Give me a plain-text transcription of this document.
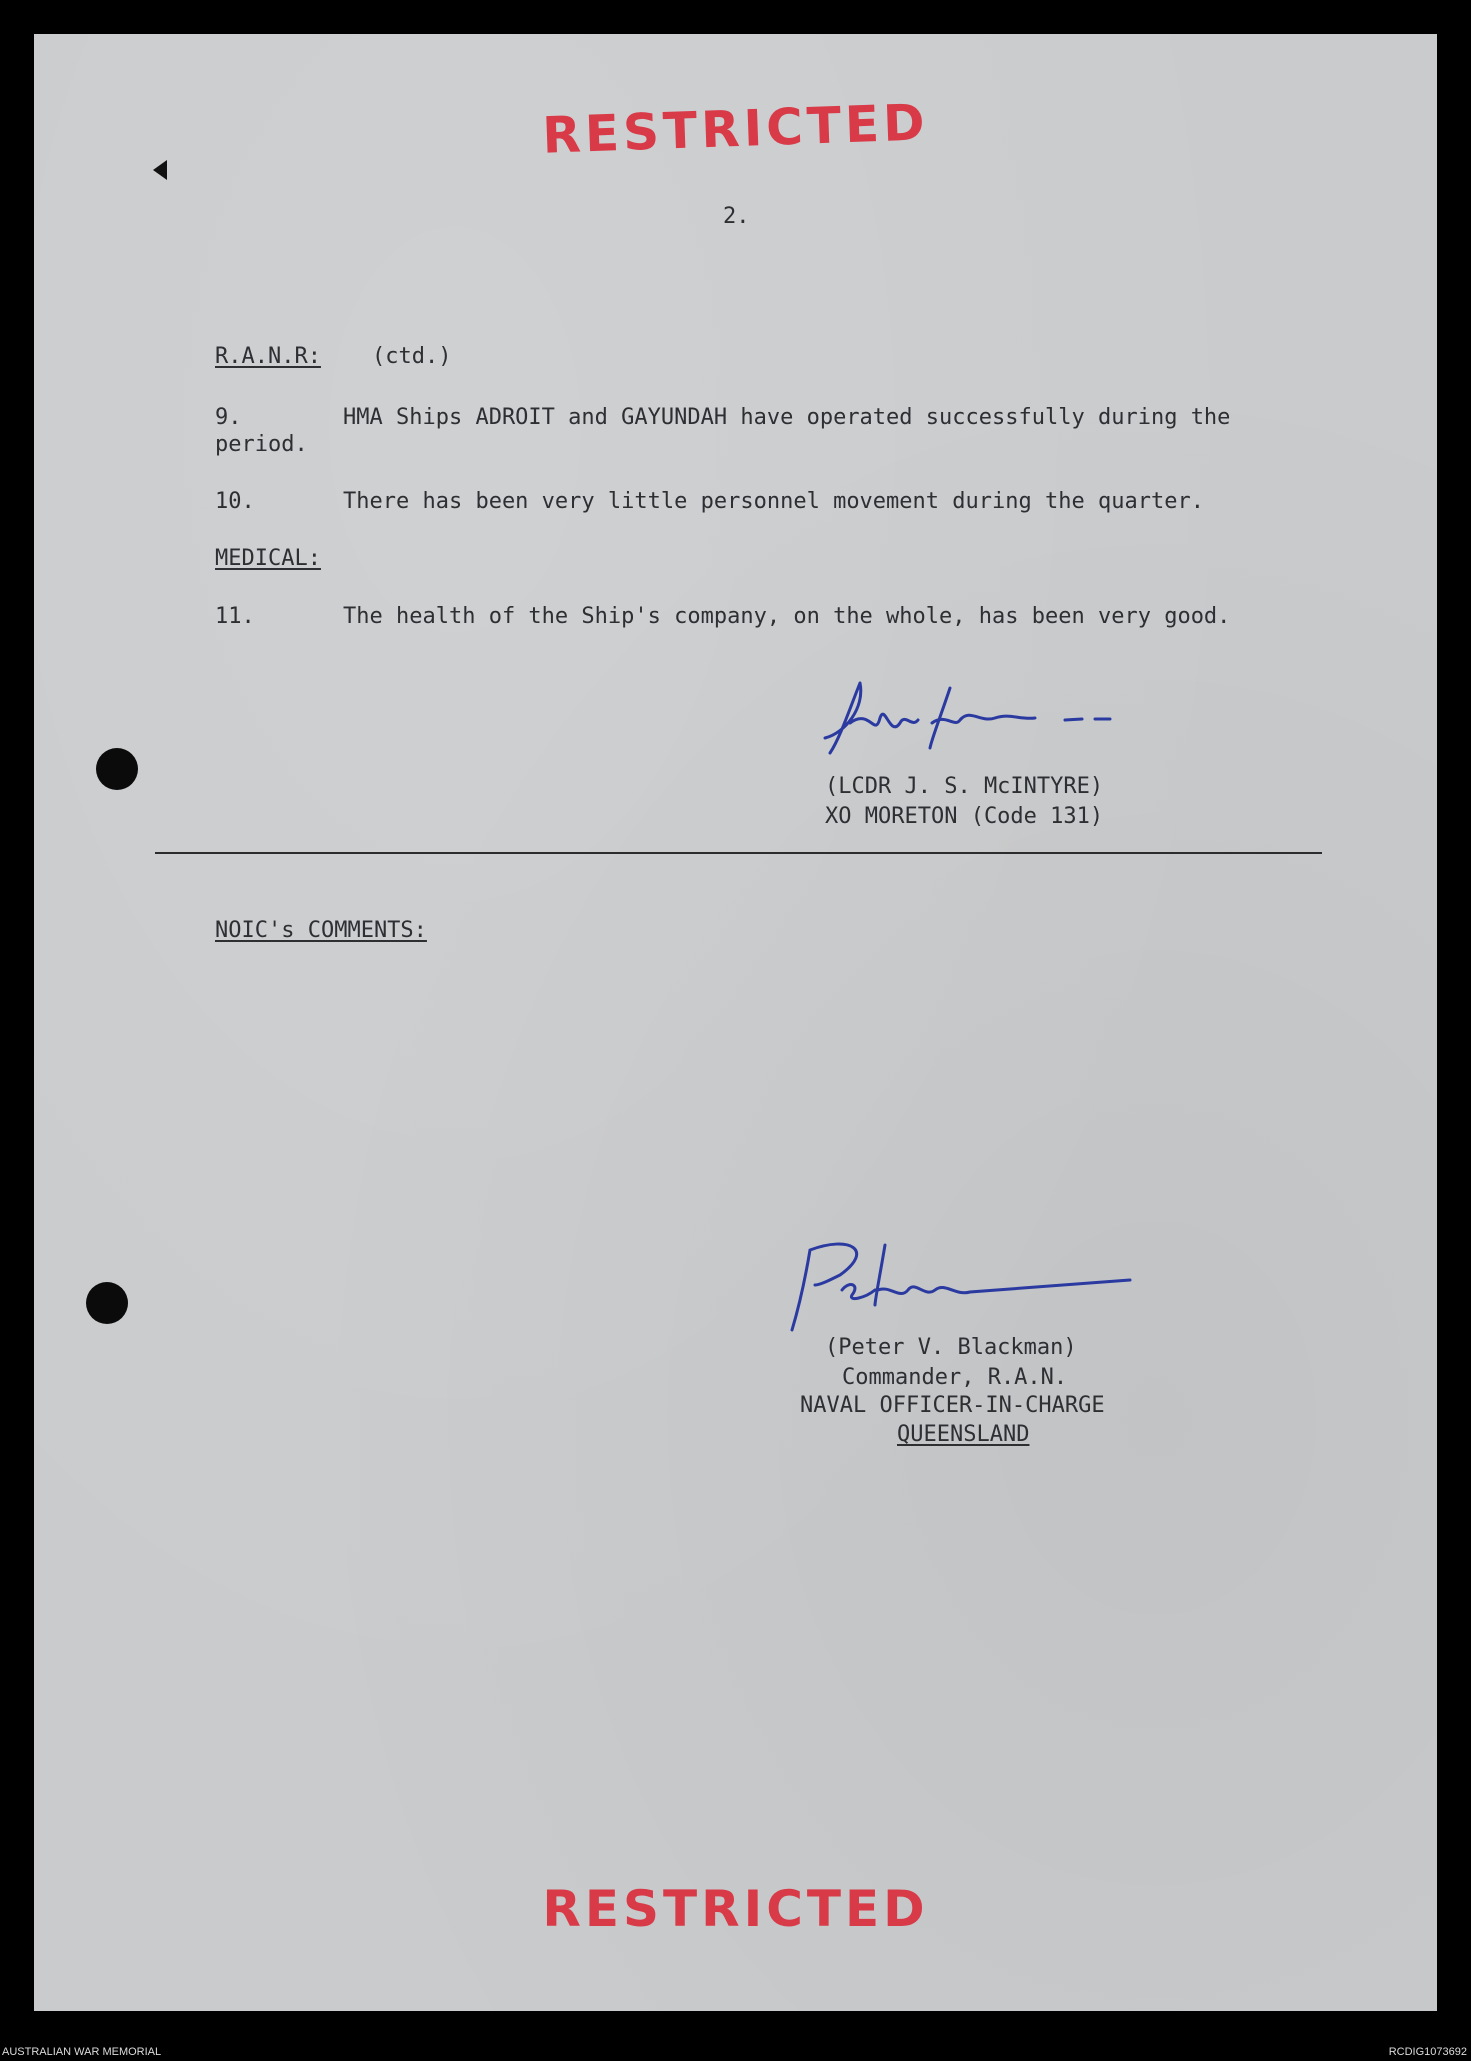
RESTRICTED
2.
R.A.N.R: (ctd.)
9.	HMA Ships ADROIT and GAYUNDAH have operated successfully during the
period.
10.	There has been very little personnel movement during the quarter.
MEDICAL:
11.	The health of the Ship's company, on the whole, has been very good.
(LCDR J. S. McINTYRE)
XO MORETON (Code 131)
NOIC's COMMENTS:
(Peter V. Blackman)
Commander, R.A.N.
NAVAL OFFICER-IN-CHARGE
QUEENSLAND
RESTRICTED
AUSTRALIAN WAR MEMORIAL	RCDIG1073692
